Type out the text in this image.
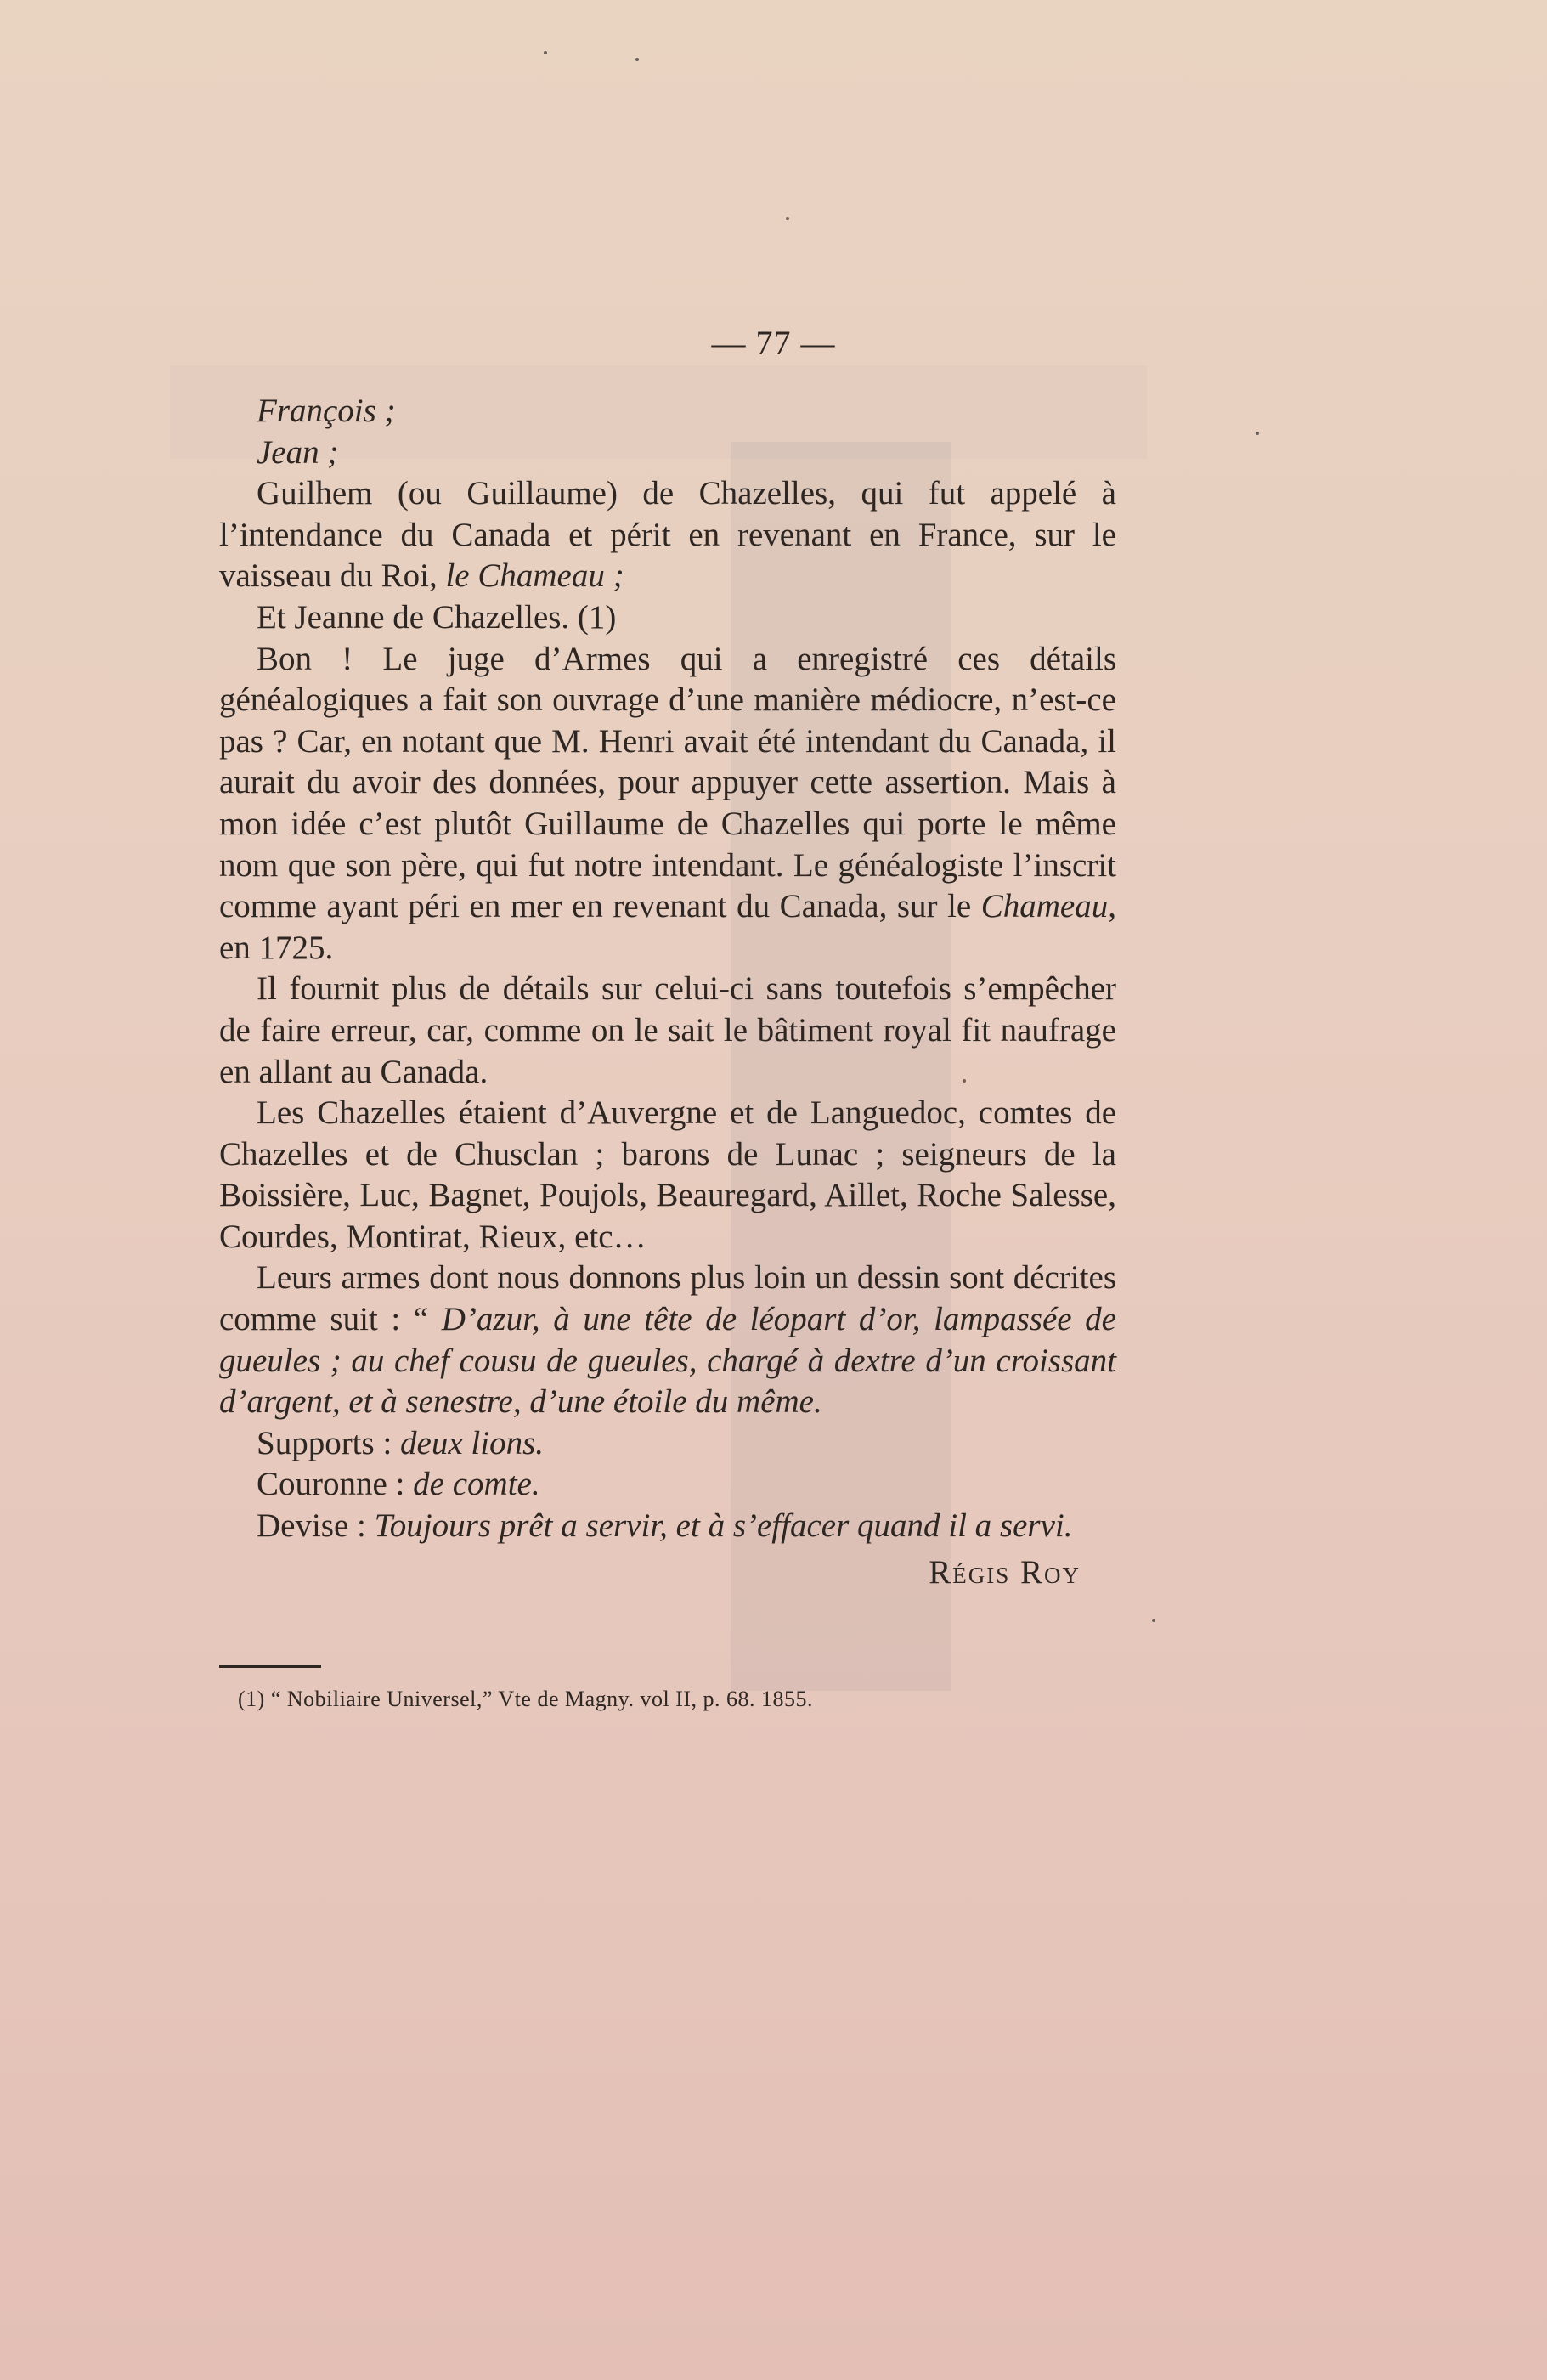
— 77 —

François ;

Jean ;

Guilhem (ou Guillaume) de Chazelles, qui fut appelé à l’intendance du Canada et périt en revenant en France, sur le vaisseau du Roi, le Chameau ;

Et Jeanne de Chazelles. (1)

Bon ! Le juge d’Armes qui a enregistré ces détails généalogiques a fait son ouvrage d’une manière médiocre, n’est-ce pas ? Car, en notant que M. Henri avait été intendant du Canada, il aurait du avoir des données, pour appuyer cette assertion. Mais à mon idée c’est plutôt Guillaume de Chazelles qui porte le même nom que son père, qui fut notre intendant. Le généalogiste l’inscrit comme ayant péri en mer en revenant du Canada, sur le Chameau, en 1725.

Il fournit plus de détails sur celui-ci sans toutefois s’empêcher de faire erreur, car, comme on le sait le bâtiment royal fit naufrage en allant au Canada.

Les Chazelles étaient d’Auvergne et de Languedoc, comtes de Chazelles et de Chusclan ; barons de Lunac ; seigneurs de la Boissière, Luc, Bagnet, Poujols, Beauregard, Aillet, Roche Salesse, Courdes, Montirat, Rieux, etc…

Leurs armes dont nous donnons plus loin un dessin sont décrites comme suit : “ D’azur, à une tête de léopart d’or, lampassée de gueules ; au chef cousu de gueules, chargé à dextre d’un croissant d’argent, et à senestre, d’une étoile du même.

Supports : deux lions.

Couronne : de comte.

Devise : Toujours prêt a servir, et à s’effacer quand il a servi.

Régis Roy

(1) “ Nobiliaire Universel,” Vte de Magny. vol II, p. 68. 1855.
